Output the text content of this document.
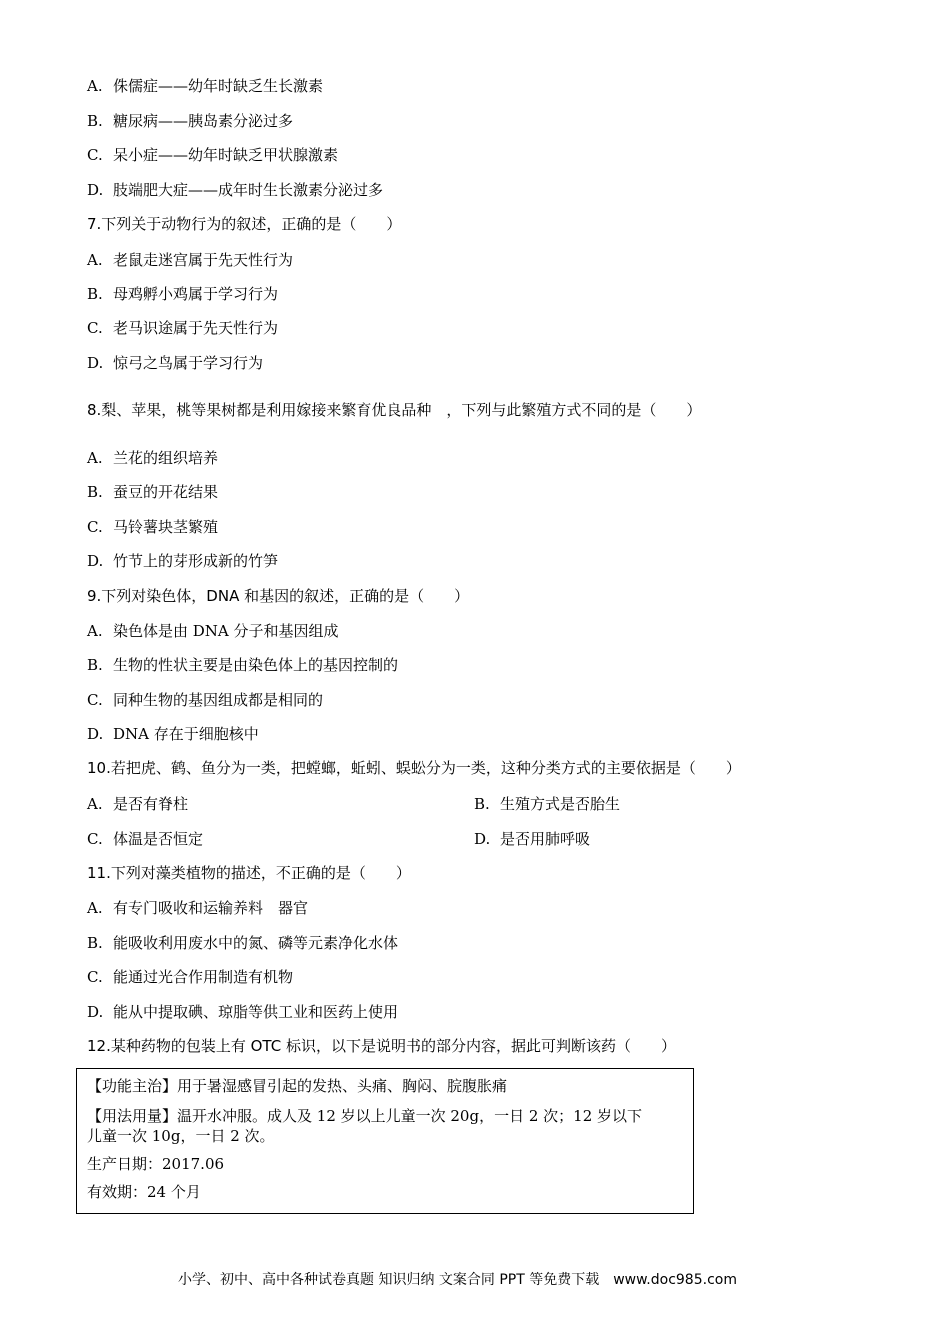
A. 侏儒症——幼年时缺乏生长激素
B. 糖尿病——胰岛素分泌过多
C. 呆小症——幼年时缺乏甲状腺激素
D. 肢端肥大症——成年时生长激素分泌过多
7.下列关于动物行为的叙述，正确的是（　　）
A. 老鼠走迷宫属于先天性行为
B. 母鸡孵小鸡属于学习行为
C. 老马识途属于先天性行为
D. 惊弓之鸟属于学习行为
8.梨、苹果，桃等果树都是利用嫁接来繁育优良品种　，下列与此繁殖方式不同的是（　　）
A. 兰花的组织培养
B. 蚕豆的开花结果
C. 马铃薯块茎繁殖
D. 竹节上的芽形成新的竹笋
9.下列对染色体，DNA 和基因的叙述，正确的是（　　）
A. 染色体是由 DNA 分子和基因组成
B. 生物的性状主要是由染色体上的基因控制的
C. 同种生物的基因组成都是相同的
D. DNA 存在于细胞核中
10.若把虎、鹤、鱼分为一类，把螳螂，蚯蚓、蜈蚣分为一类，这种分类方式的主要依据是（　　）
A. 是否有脊柱	B. 生殖方式是否胎生
C. 体温是否恒定	D. 是否用肺呼吸
11.下列对藻类植物的描述，不正确的是（　　）
A. 有专门吸收和运输养料　器官
B. 能吸收利用废水中的氮、磷等元素净化水体
C. 能通过光合作用制造有机物
D. 能从中提取碘、琼脂等供工业和医药上使用
12.某种药物的包装上有 OTC 标识，以下是说明书的部分内容，据此可判断该药（　　）
【功能主治】用于暑湿感冒引起的发热、头痛、胸闷、脘腹胀痛
【用法用量】温开水冲服。成人及 12 岁以上儿童一次 20g，一日 2 次；12 岁以下
儿童一次 10g，一日 2 次。
生产日期：2017.06
有效期：24 个月
小学、初中、高中各种试卷真题 知识归纳 文案合同 PPT 等免费下载　www.doc985.com
